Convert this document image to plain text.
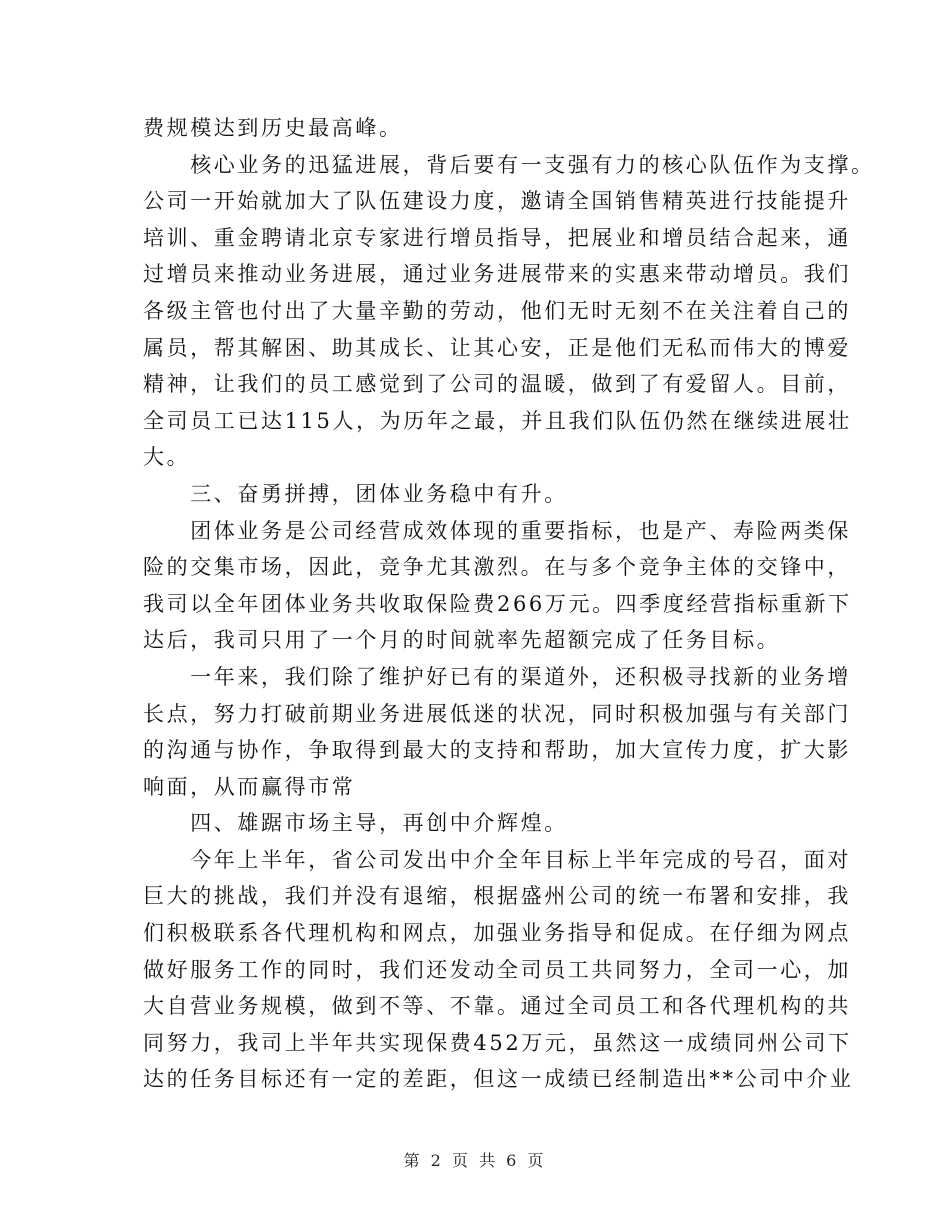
费规模达到历史最高峰。
　　核心业务的迅猛进展，背后要有一支强有力的核心队伍作为支撑。
公司一开始就加大了队伍建设力度，邀请全国销售精英进行技能提升
培训、重金聘请北京专家进行增员指导，把展业和增员结合起来，通
过增员来推动业务进展，通过业务进展带来的实惠来带动增员。我们
各级主管也付出了大量辛勤的劳动，他们无时无刻不在关注着自己的
属员，帮其解困、助其成长、让其心安，正是他们无私而伟大的博爱
精神，让我们的员工感觉到了公司的温暖，做到了有爱留人。目前，
全司员工已达115人，为历年之最，并且我们队伍仍然在继续进展壮
大。
　　三、奋勇拼搏，团体业务稳中有升。
　　团体业务是公司经营成效体现的重要指标，也是产、寿险两类保
险的交集市场，因此，竞争尤其激烈。在与多个竞争主体的交锋中，
我司以全年团体业务共收取保险费266万元。四季度经营指标重新下
达后，我司只用了一个月的时间就率先超额完成了任务目标。
　　一年来，我们除了维护好已有的渠道外，还积极寻找新的业务增
长点，努力打破前期业务进展低迷的状况，同时积极加强与有关部门
的沟通与协作，争取得到最大的支持和帮助，加大宣传力度，扩大影
响面，从而赢得市常
　　四、雄踞市场主导，再创中介辉煌。
　　今年上半年，省公司发出中介全年目标上半年完成的号召，面对
巨大的挑战，我们并没有退缩，根据盛州公司的统一布署和安排，我
们积极联系各代理机构和网点，加强业务指导和促成。在仔细为网点
做好服务工作的同时，我们还发动全司员工共同努力，全司一心，加
大自营业务规模，做到不等、不靠。通过全司员工和各代理机构的共
同努力，我司上半年共实现保费452万元，虽然这一成绩同州公司下
达的任务目标还有一定的差距，但这一成绩已经制造出**公司中介业
第 2 页 共 6 页
